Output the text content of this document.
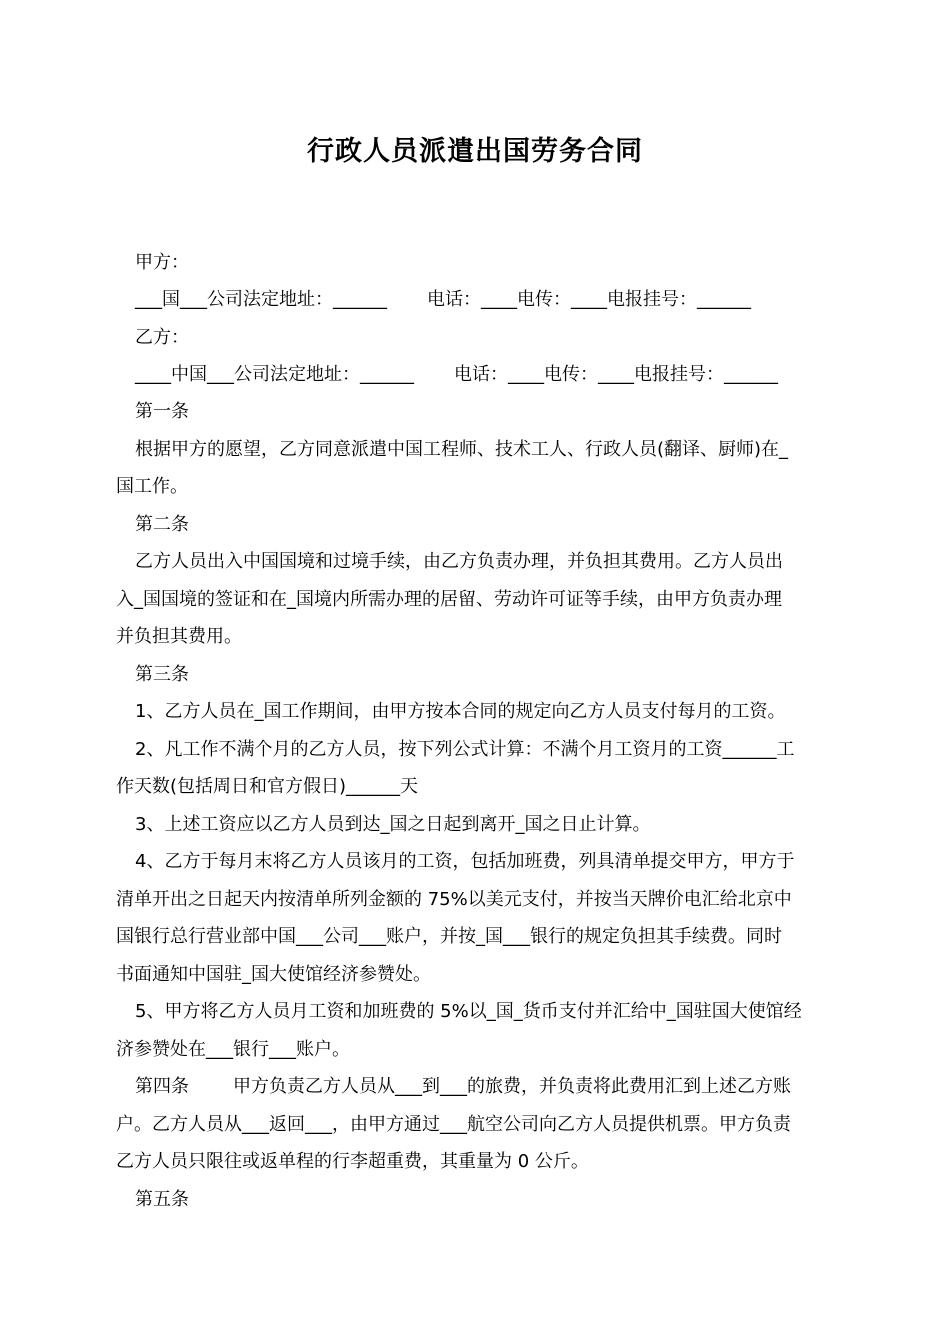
行政人员派遣出国劳务合同
甲方：
___国___公司法定地址：______ 电话：____电传：____电报挂号：______
乙方：
____中国___公司法定地址：______ 电话：____电传：____电报挂号：______
第一条
根据甲方的愿望，乙方同意派遣中国工程师、技术工人、行政人员(翻译、厨师)在_
国工作。
第二条
乙方人员出入中国国境和过境手续，由乙方负责办理，并负担其费用。乙方人员出
入_国国境的签证和在_国境内所需办理的居留、劳动许可证等手续，由甲方负责办理
并负担其费用。
第三条
1、乙方人员在_国工作期间，由甲方按本合同的规定向乙方人员支付每月的工资。
2、凡工作不满个月的乙方人员，按下列公式计算：不满个月工资月的工资______工
作天数(包括周日和官方假日)______天
3、上述工资应以乙方人员到达_国之日起到离开_国之日止计算。
4、乙方于每月末将乙方人员该月的工资，包括加班费，列具清单提交甲方，甲方于
清单开出之日起天内按清单所列金额的 75%以美元支付，并按当天牌价电汇给北京中
国银行总行营业部中国___公司___账户，并按_国___银行的规定负担其手续费。同时
书面通知中国驻_国大使馆经济参赞处。
5、甲方将乙方人员月工资和加班费的 5%以_国_货币支付并汇给中_国驻国大使馆经
济参赞处在___银行___账户。
第四条 甲方负责乙方人员从___到___的旅费，并负责将此费用汇到上述乙方账
户。乙方人员从___返回___，由甲方通过___航空公司向乙方人员提供机票。甲方负责
乙方人员只限往或返单程的行李超重费，其重量为 0 公斤。
第五条
